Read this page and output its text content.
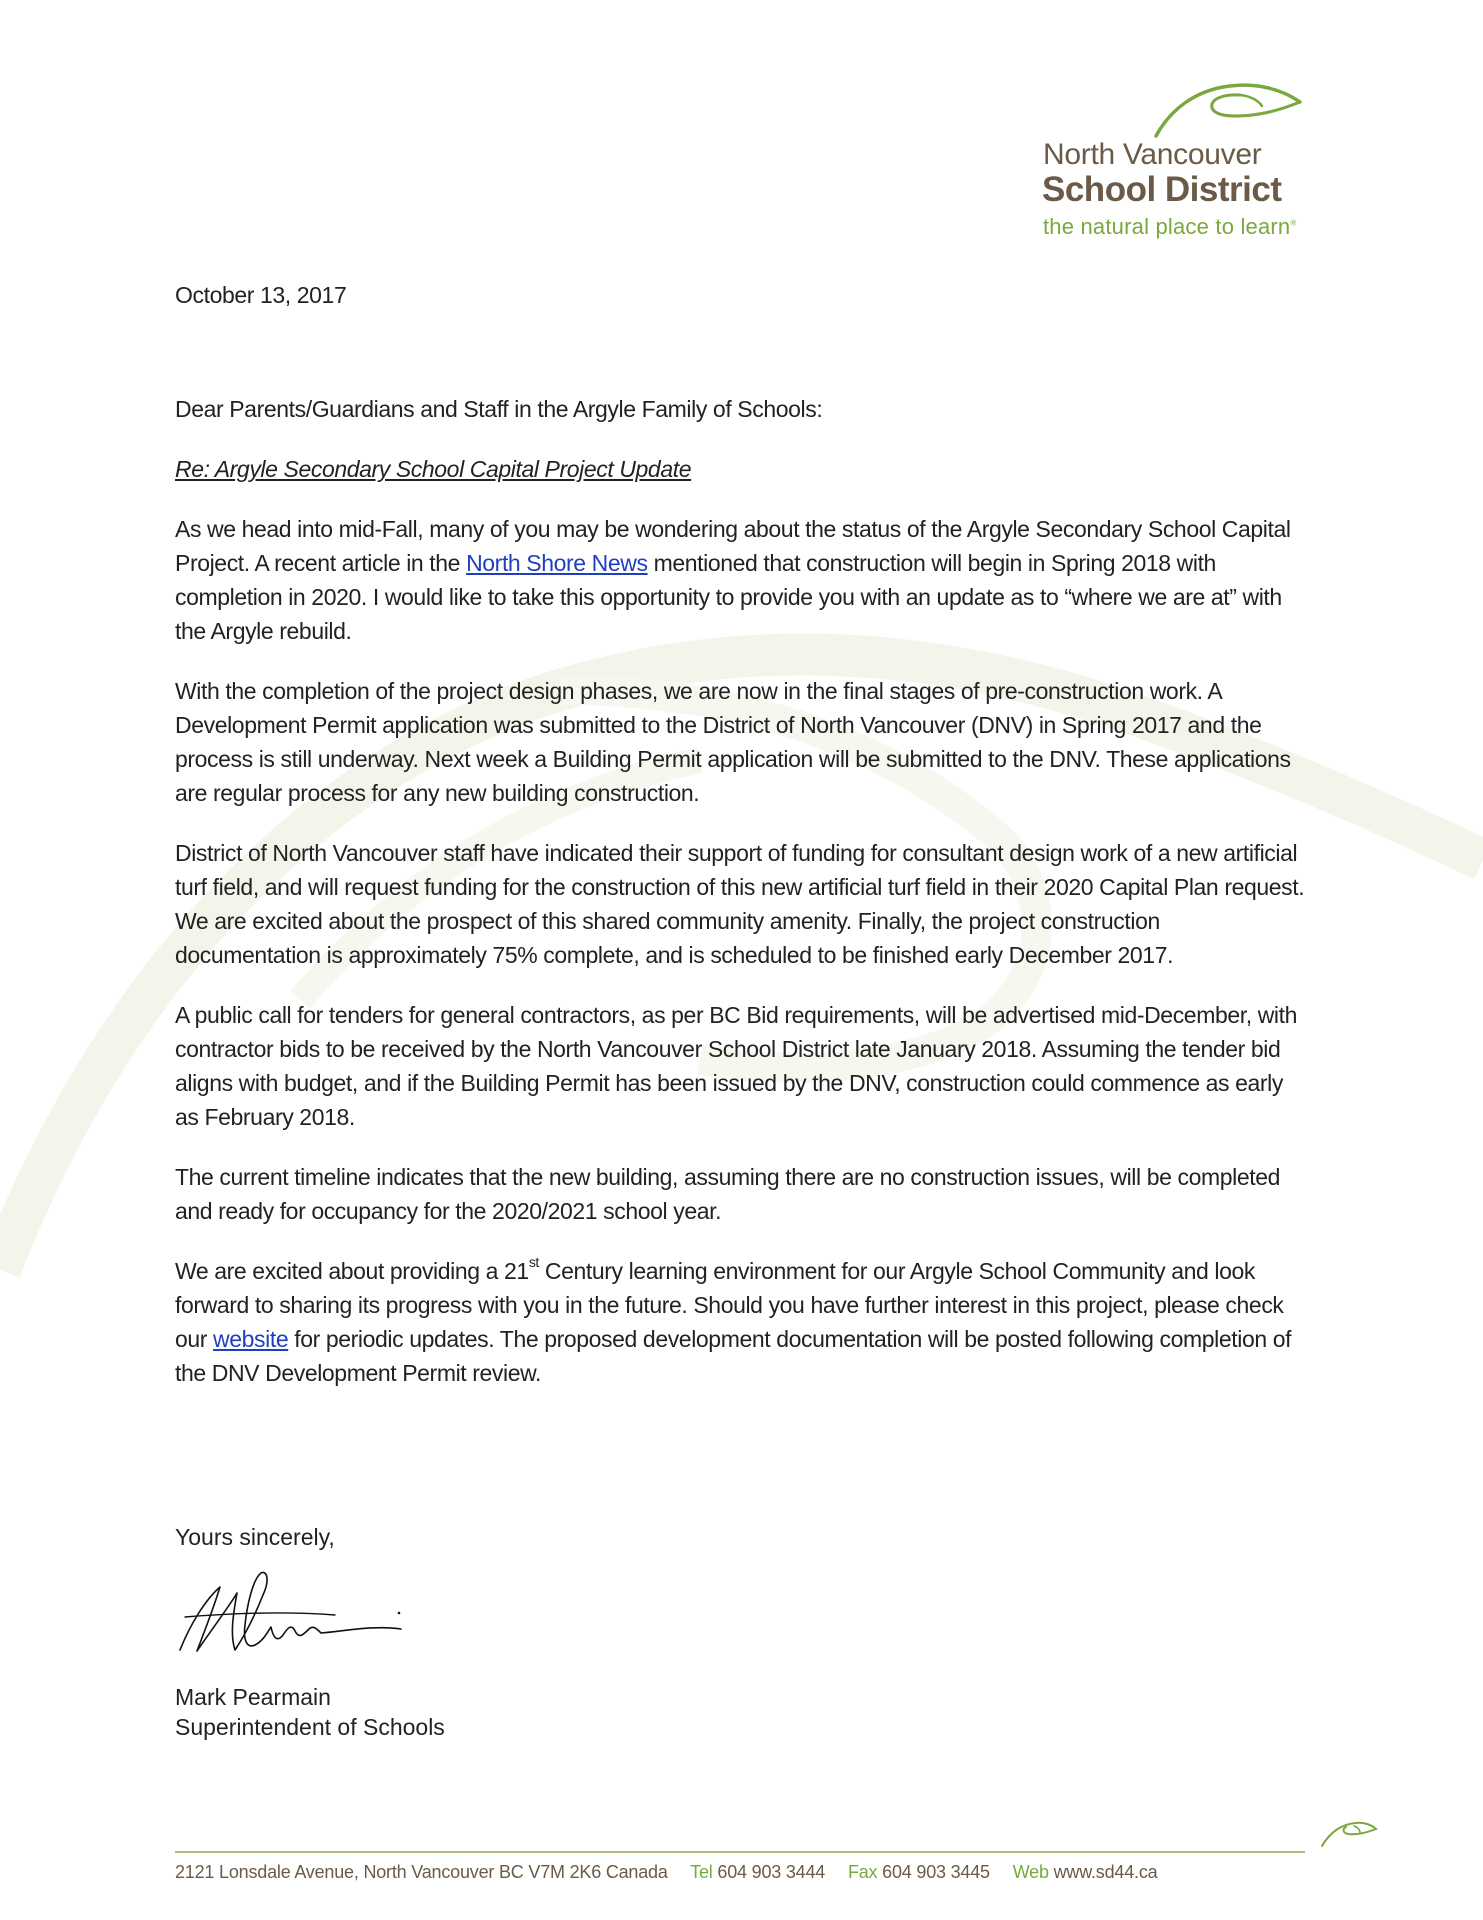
North Vancouver
School District
the natural place to learn®

October 13, 2017

Dear Parents/Guardians and Staff in the Argyle Family of Schools:

Re: Argyle Secondary School Capital Project Update

As we head into mid-Fall, many of you may be wondering about the status of the Argyle Secondary School Capital Project. A recent article in the North Shore News mentioned that construction will begin in Spring 2018 with completion in 2020. I would like to take this opportunity to provide you with an update as to “where we are at” with the Argyle rebuild.

With the completion of the project design phases, we are now in the final stages of pre-construction work. A Development Permit application was submitted to the District of North Vancouver (DNV) in Spring 2017 and the process is still underway. Next week a Building Permit application will be submitted to the DNV. These applications are regular process for any new building construction.

District of North Vancouver staff have indicated their support of funding for consultant design work of a new artificial turf field, and will request funding for the construction of this new artificial turf field in their 2020 Capital Plan request. We are excited about the prospect of this shared community amenity. Finally, the project construction documentation is approximately 75% complete, and is scheduled to be finished early December 2017.

A public call for tenders for general contractors, as per BC Bid requirements, will be advertised mid-December, with contractor bids to be received by the North Vancouver School District late January 2018. Assuming the tender bid aligns with budget, and if the Building Permit has been issued by the DNV, construction could commence as early as February 2018.

The current timeline indicates that the new building, assuming there are no construction issues, will be completed and ready for occupancy for the 2020/2021 school year.

We are excited about providing a 21st Century learning environment for our Argyle School Community and look forward to sharing its progress with you in the future. Should you have further interest in this project, please check our website for periodic updates. The proposed development documentation will be posted following completion of the DNV Development Permit review.

Yours sincerely,
Mark Pearmain
Superintendent of Schools
2121 Lonsdale Avenue, North Vancouver BC V7M 2K6 Canada Tel 604 903 3444 Fax 604 903 3445 Web www.sd44.ca
